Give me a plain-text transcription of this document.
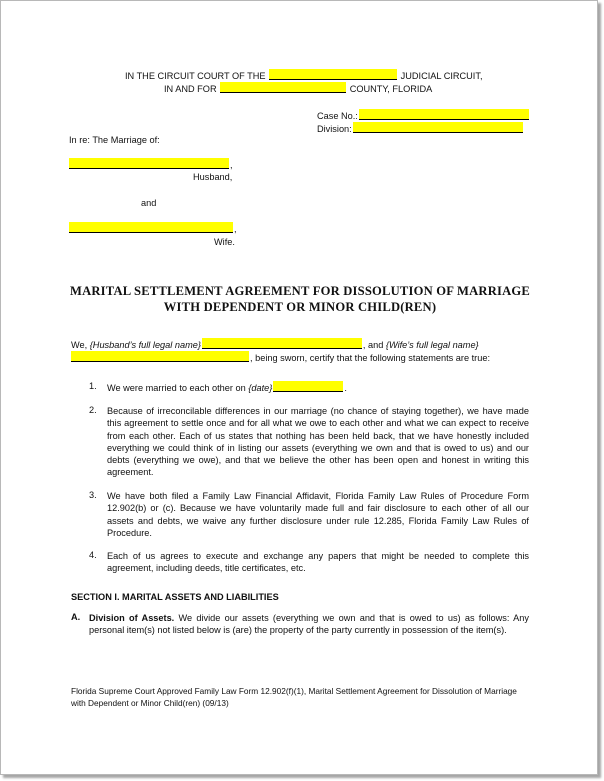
IN THE CIRCUIT COURT OF THE	JUDICIAL CIRCUIT,
IN AND FOR	COUNTY, FLORIDA
Case No.:
Division:
In re: The Marriage of:
,
Husband,
and
,
Wife.
MARITAL SETTLEMENT AGREEMENT FOR DISSOLUTION OF MARRIAGE
WITH DEPENDENT OR MINOR CHILD(REN)
We, {Husband’s full legal name}	, and {Wife’s full legal name}
, being sworn, certify that the following statements are true:
1. We were married to each other on {date}	.
2. Because of irreconcilable differences in our marriage (no chance of staying together), we have made this agreement to settle once and for all what we owe to each other and what we can expect to receive from each other. Each of us states that nothing has been held back, that we have honestly included everything we could think of in listing our assets (everything we own and that is owed to us) and our debts (everything we owe), and that we believe the other has been open and honest in writing this agreement.
3. We have both filed a Family Law Financial Affidavit, Florida Family Law Rules of Procedure Form 12.902(b) or (c). Because we have voluntarily made full and fair disclosure to each other of all our assets and debts, we waive any further disclosure under rule 12.285, Florida Family Law Rules of Procedure.
4. Each of us agrees to execute and exchange any papers that might be needed to complete this agreement, including deeds, title certificates, etc.
SECTION I. MARITAL ASSETS AND LIABILITIES
A. Division of Assets. We divide our assets (everything we own and that is owed to us) as follows: Any personal item(s) not listed below is (are) the property of the party currently in possession of the item(s).
Florida Supreme Court Approved Family Law Form 12.902(f)(1), Marital Settlement Agreement for Dissolution of Marriage with Dependent or Minor Child(ren) (09/13)
